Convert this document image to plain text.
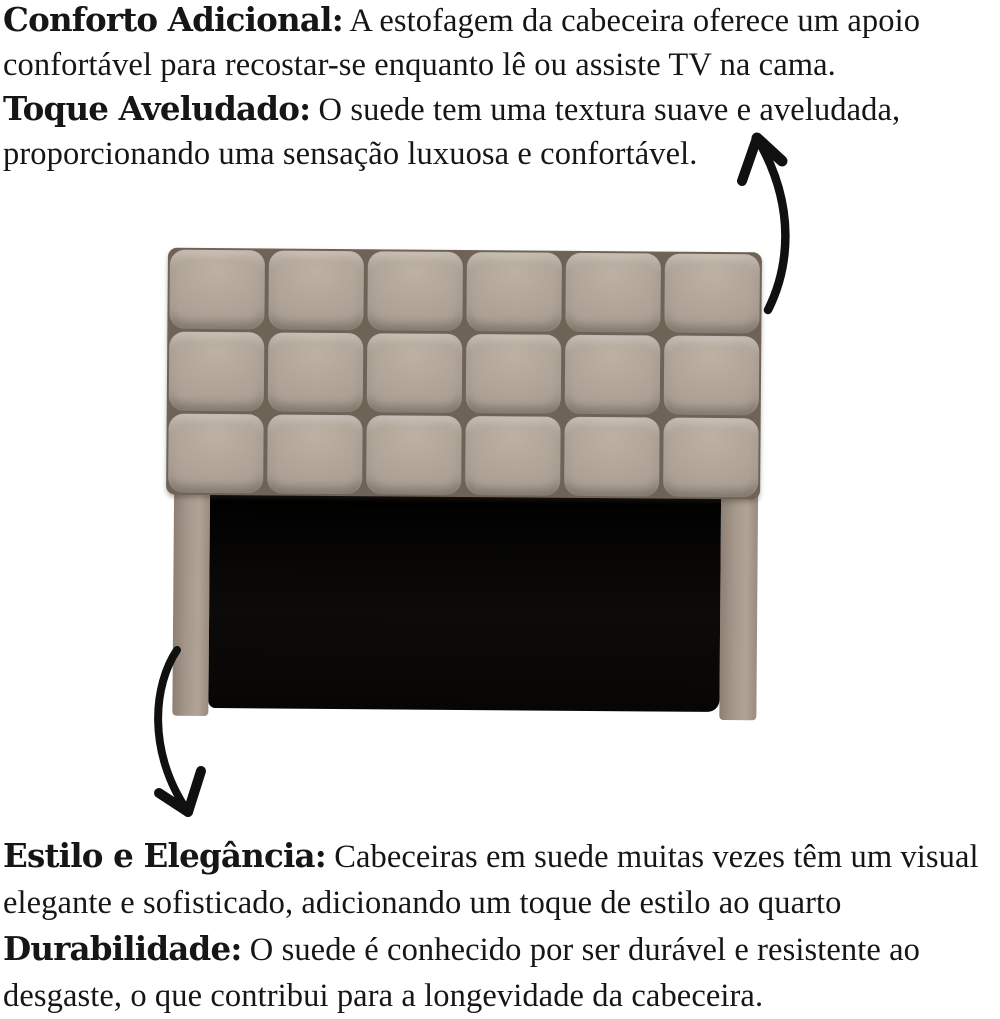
Conforto Adicional: A estofagem da cabeceira oferece um apoio confortável para recostar-se enquanto lê ou assiste TV na cama.

Toque Aveludado: O suede tem uma textura suave e aveludada, proporcionando uma sensação luxuosa e confortável.

Estilo e Elegância: Cabeceiras em suede muitas vezes têm um visual elegante e sofisticado, adicionando um toque de estilo ao quarto

Durabilidade: O suede é conhecido por ser durável e resistente ao desgaste, o que contribui para a longevidade da cabeceira.
